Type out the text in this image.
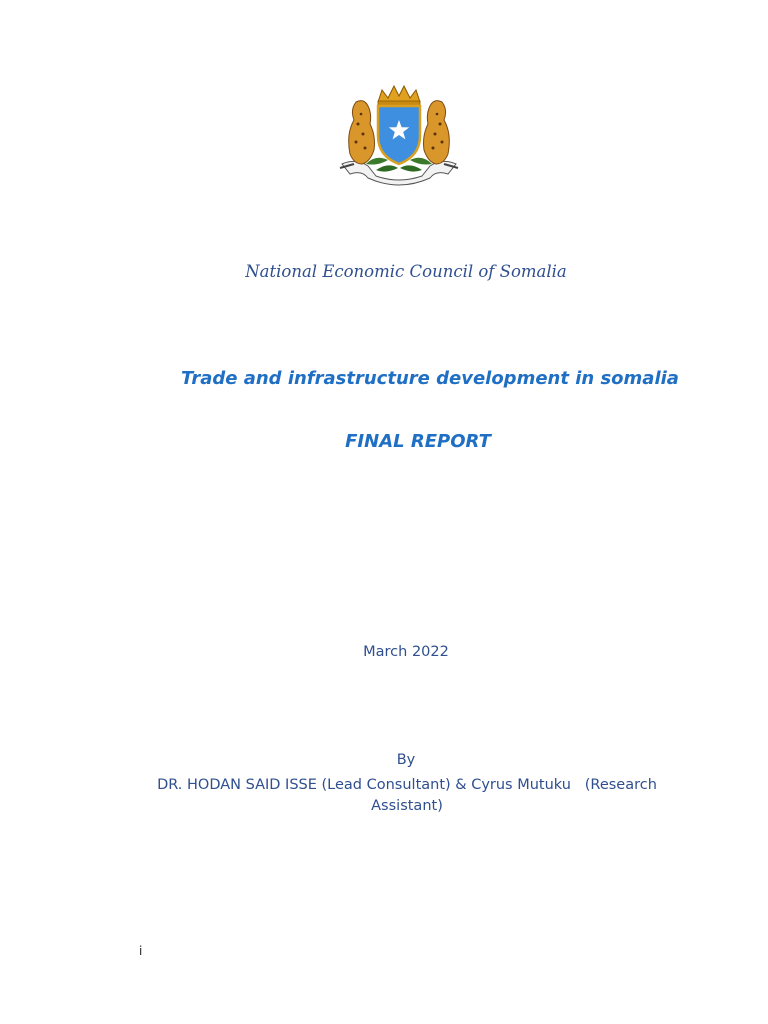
National Economic Council of Somalia
Trade and infrastructure development in somalia
FINAL REPORT
March 2022
By
DR. HODAN SAID ISSE (Lead Consultant) & Cyrus Mutuku   (Research Assistant)
i
